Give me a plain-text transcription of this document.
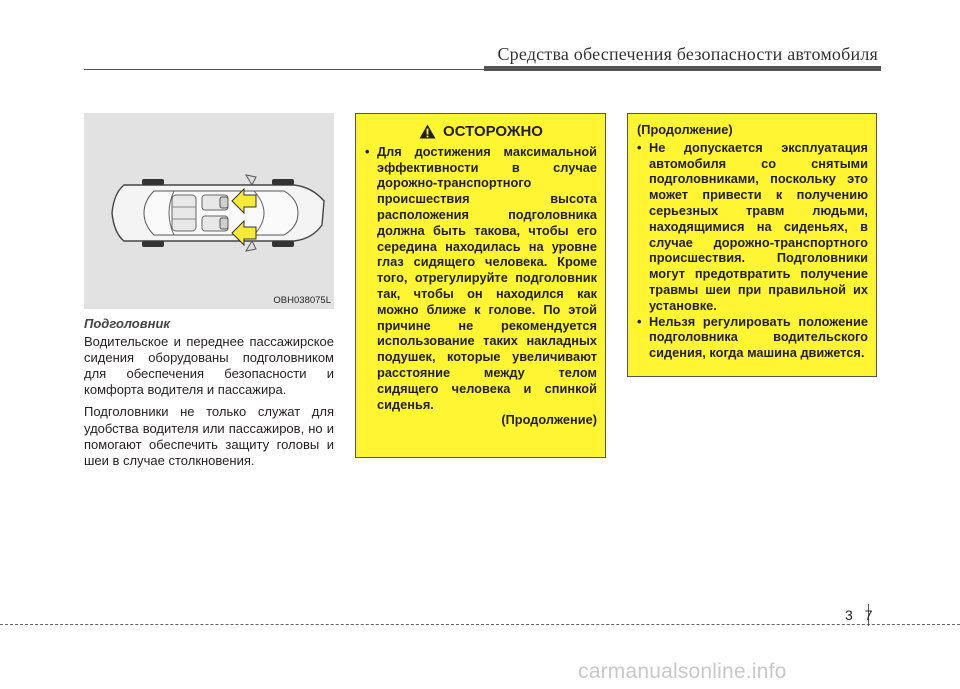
Средства обеспечения безопасности автомобиля
OBH038075L
Подголовник

Водительское и переднее пассажирское сидения оборудованы подголовником для обеспечения безопасности и комфорта водителя и пассажира.

Подголовники не только служат для удобства водителя или пассажиров, но и помогают обеспечить защиту головы и шеи в случае столкновения.

ОСТОРОЖНО
• Для достижения максимальной эффективности в случае дорожно-транспортного происшествия высота расположения подголовника должна быть такова, чтобы его середина находилась на уровне глаз сидящего человека. Кроме того, отрегулируйте подголовник так, чтобы он находился как можно ближе к голове. По этой причине не рекомендуется использование таких накладных подушек, которые увеличивают расстояние между телом сидящего человека и спинкой сиденья.
(Продолжение)
(Продолжение)
• Не допускается эксплуатация автомобиля со снятыми подголовниками, поскольку это может привести к получению серьезных травм людьми, находящимися на сиденьях, в случае дорожно-транспортного происшествия. Подголовники могут предотвратить получение травмы шеи при правильной их установке.
• Нельзя регулировать положение подголовника водительского сидения, когда машина движется.
3 7
carmanualsonline.info
